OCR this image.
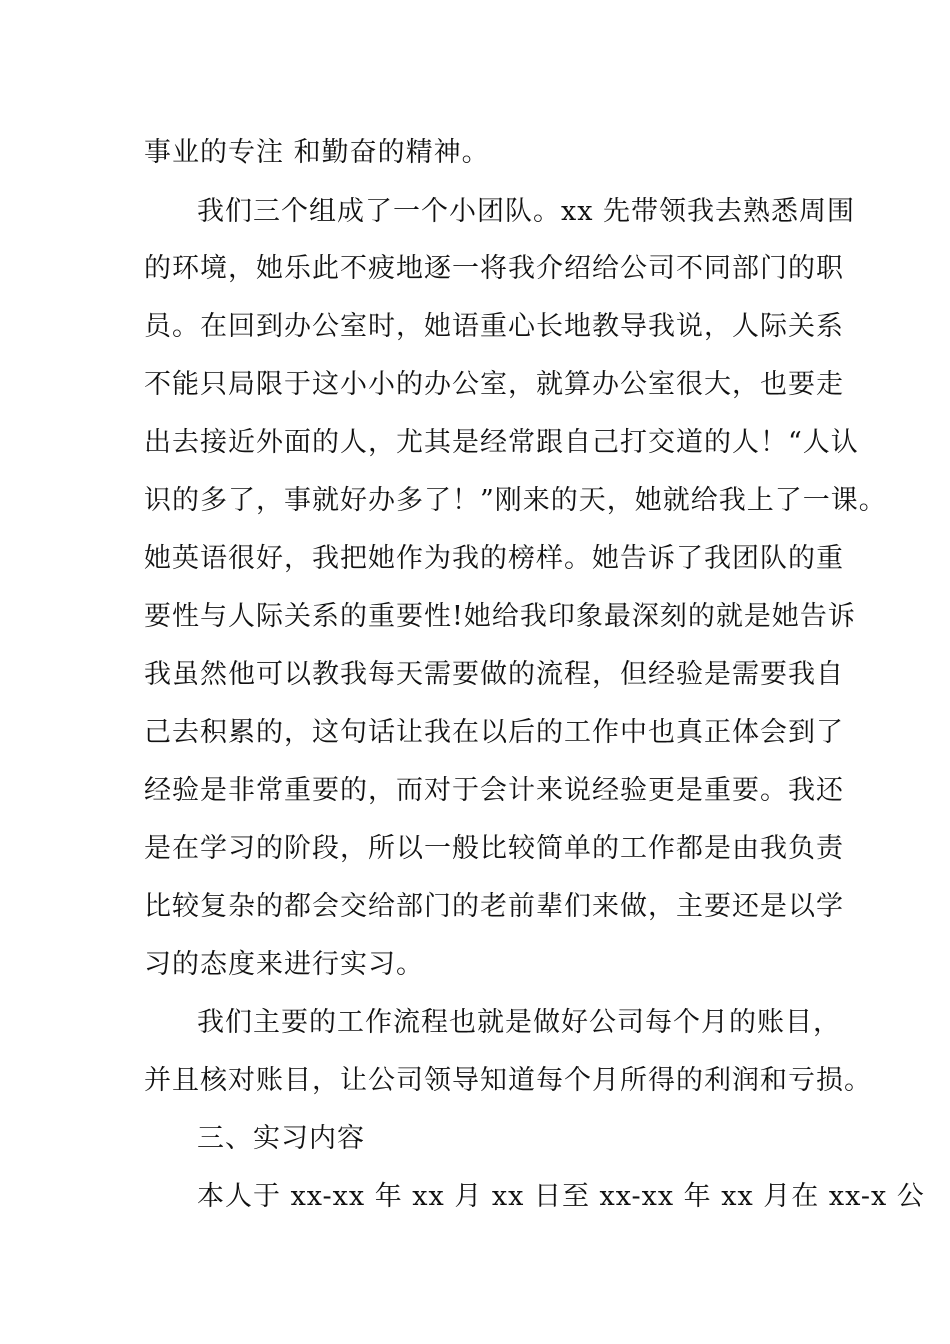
事业的专注 和勤奋的精神。
我们三个组成了一个小团队。xx 先带领我去熟悉周围
的环境，她乐此不疲地逐一将我介绍给公司不同部门的职
员。在回到办公室时，她语重心长地教导我说，人际关系
不能只局限于这小小的办公室，就算办公室很大，也要走
出去接近外面的人，尤其是经常跟自己打交道的人！“人认
识的多了，事就好办多了！”刚来的天，她就给我上了一课。
她英语很好，我把她作为我的榜样。她告诉了我团队的重
要性与人际关系的重要性!她给我印象最深刻的就是她告诉
我虽然他可以教我每天需要做的流程，但经验是需要我自
己去积累的，这句话让我在以后的工作中也真正体会到了
经验是非常重要的，而对于会计来说经验更是重要。我还
是在学习的阶段，所以一般比较简单的工作都是由我负责
比较复杂的都会交给部门的老前辈们来做，主要还是以学
习的态度来进行实习。
我们主要的工作流程也就是做好公司每个月的账目，
并且核对账目，让公司领导知道每个月所得的利润和亏损。
三、实习内容
本人于 xx-xx 年 xx 月 xx 日至 xx-xx 年 xx 月在 xx-x 公
